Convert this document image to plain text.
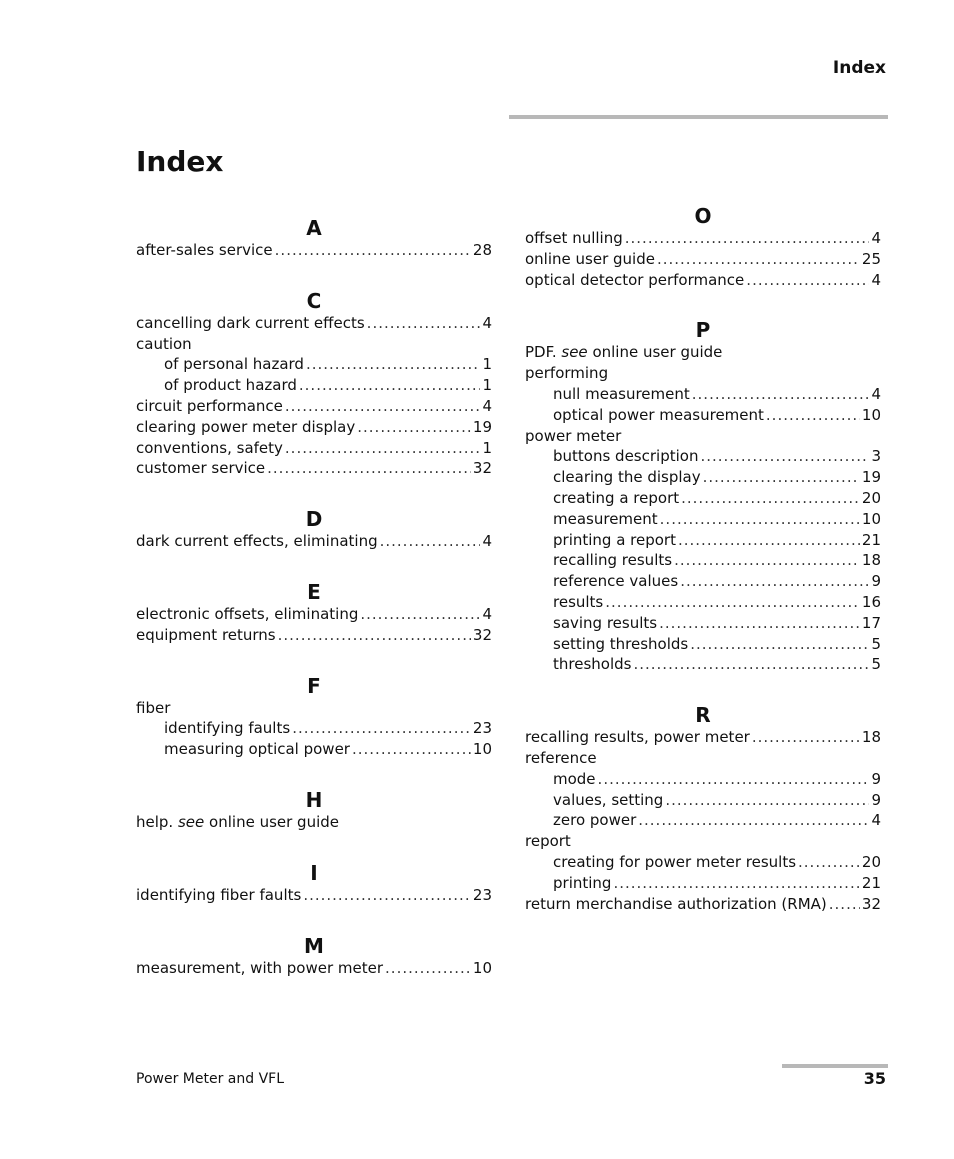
Index
Index
A
after-sales service .....	28
C
cancelling dark current effects .....	4
caution
of personal hazard .....	1
of product hazard .....	1
circuit performance .....	4
clearing power meter display .....	19
conventions, safety .....	1
customer service .....	32
D
dark current effects, eliminating .....	4
E
electronic offsets, eliminating .....	4
equipment returns .....	32
F
fiber
identifying faults .....	23
measuring optical power .....	10
H
help. see online user guide
I
identifying fiber faults .....	23
M
measurement, with power meter .....	10
O
offset nulling .....	4
online user guide .....	25
optical detector performance .....	4
P
PDF. see online user guide
performing
null measurement .....	4
optical power measurement .....	10
power meter
buttons description .....	3
clearing the display .....	19
creating a report .....	20
measurement .....	10
printing a report .....	21
recalling results .....	18
reference values .....	9
results .....	16
saving results .....	17
setting thresholds .....	5
thresholds .....	5
R
recalling results, power meter .....	18
reference
mode .....	9
values, setting .....	9
zero power .....	4
report
creating for power meter results .....	20
printing .....	21
return merchandise authorization (RMA) ..... 32
Power Meter and VFL	35
